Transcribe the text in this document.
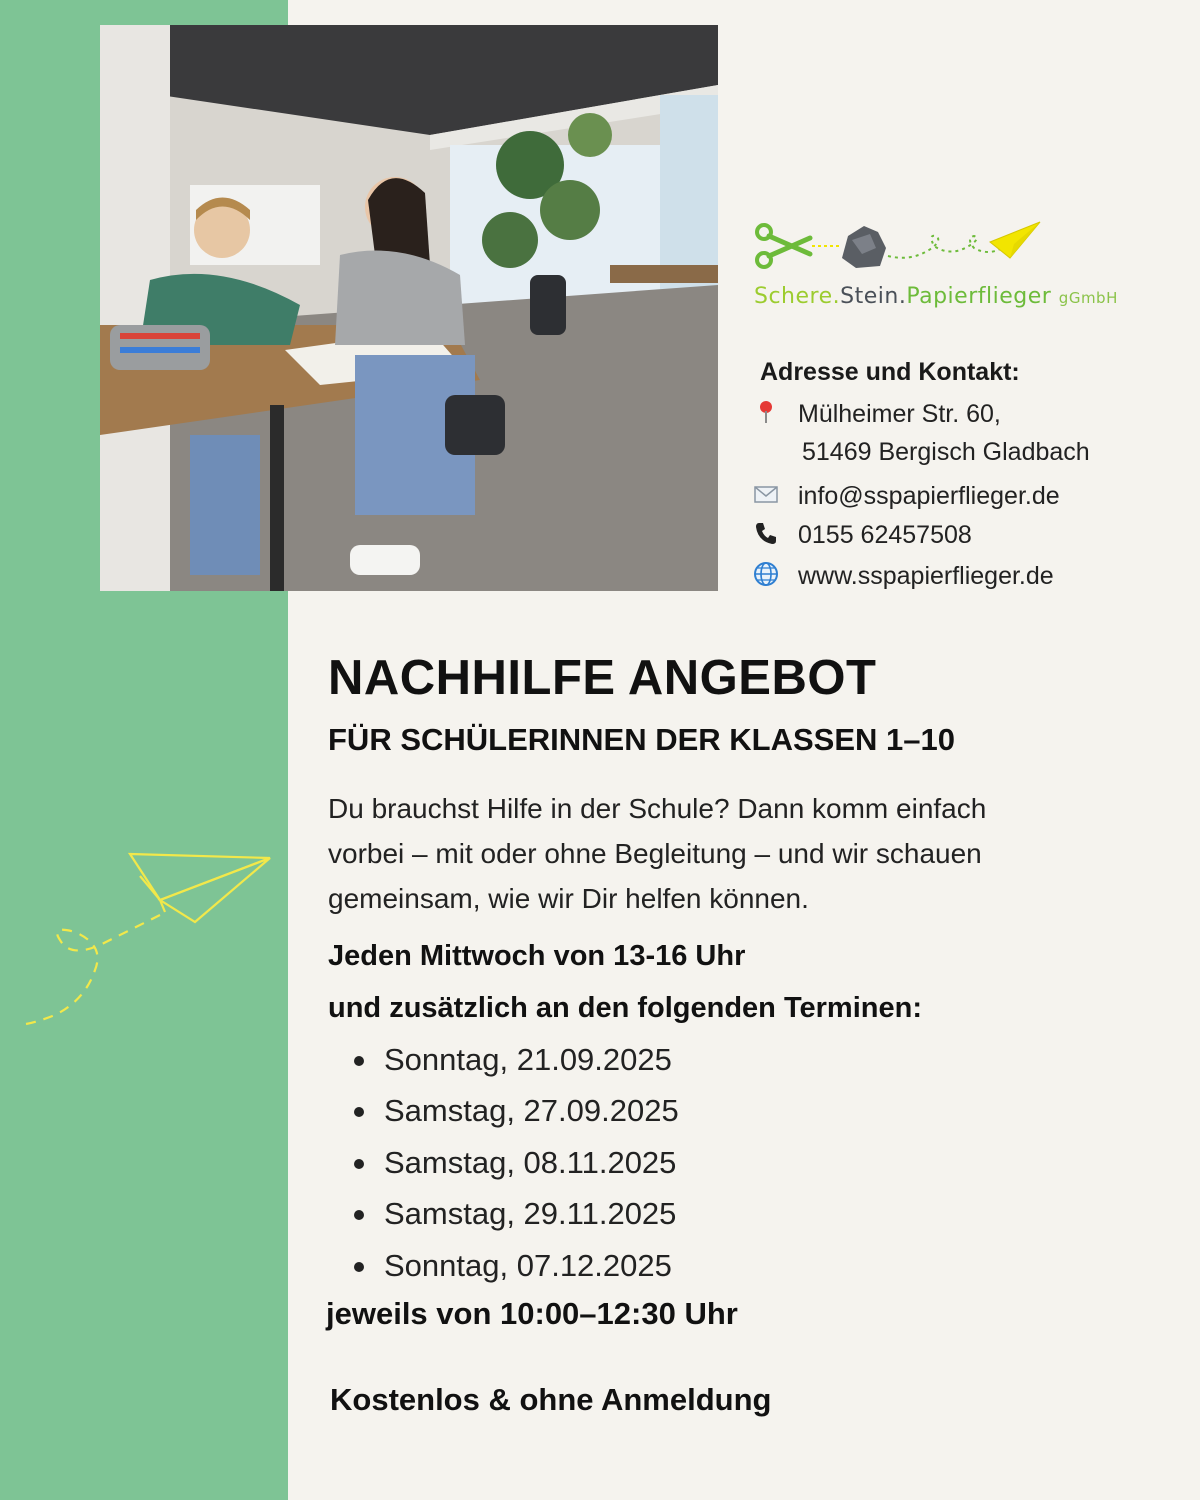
Schere.Stein.Papierflieger gGmbH
Adresse und Kontakt:
Mülheimer Str. 60,
51469 Bergisch Gladbach
info@sspapierflieger.de
0155 62457508
www.sspapierflieger.de
NACHHILFE ANGEBOT
FÜR SCHÜLERINNEN DER KLASSEN 1–10
Du brauchst Hilfe in der Schule? Dann komm einfach
vorbei – mit oder ohne Begleitung – und wir schauen
gemeinsam, wie wir Dir helfen können.
Jeden Mittwoch von 13-16 Uhr
und zusätzlich an den folgenden Terminen:
Sonntag, 21.09.2025
Samstag, 27.09.2025
Samstag, 08.11.2025
Samstag, 29.11.2025
Sonntag, 07.12.2025
jeweils von 10:00–12:30 Uhr
Kostenlos & ohne Anmeldung
